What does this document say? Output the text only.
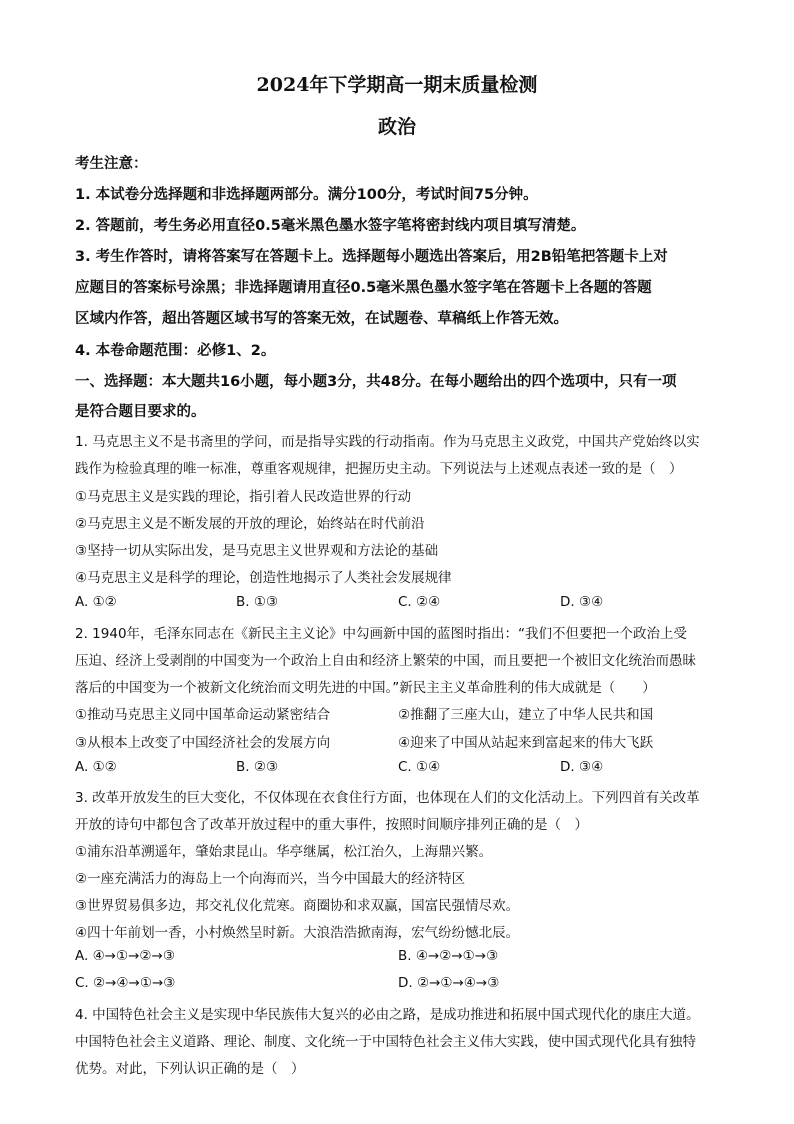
2024年下学期高一期末质量检测
政治
考生注意：
1. 本试卷分选择题和非选择题两部分。满分100分，考试时间75分钟。
2. 答题前，考生务必用直径0.5毫米黑色墨水签字笔将密封线内项目填写清楚。
3. 考生作答时，请将答案写在答题卡上。选择题每小题选出答案后，用2B铅笔把答题卡上对
应题目的答案标号涂黑；非选择题请用直径0.5毫米黑色墨水签字笔在答题卡上各题的答题
区域内作答，超出答题区域书写的答案无效，在试题卷、草稿纸上作答无效。
4. 本卷命题范围：必修1、2。
一、选择题：本大题共16小题，每小题3分，共48分。在每小题给出的四个选项中，只有一项
是符合题目要求的。
1. 马克思主义不是书斋里的学问，而是指导实践的行动指南。作为马克思主义政党，中国共产党始终以实
践作为检验真理的唯一标准，尊重客观规律，把握历史主动。下列说法与上述观点表述一致的是（　）
①马克思主义是实践的理论，指引着人民改造世界的行动
②马克思主义是不断发展的开放的理论，始终站在时代前沿
③坚持一切从实际出发，是马克思主义世界观和方法论的基础
④马克思主义是科学的理论，创造性地揭示了人类社会发展规律
A. ①②	B. ①③	C. ②④	D. ③④
2. 1940年，毛泽东同志在《新民主主义论》中勾画新中国的蓝图时指出：“我们不但要把一个政治上受
压迫、经济上受剥削的中国变为一个政治上自由和经济上繁荣的中国，而且要把一个被旧文化统治而愚昧
落后的中国变为一个被新文化统治而文明先进的中国。”新民主主义革命胜利的伟大成就是（　　）
①推动马克思主义同中国革命运动紧密结合	②推翻了三座大山，建立了中华人民共和国
③从根本上改变了中国经济社会的发展方向	④迎来了中国从站起来到富起来的伟大飞跃
A. ①②	B. ②③	C. ①④	D. ③④
3. 改革开放发生的巨大变化，不仅体现在衣食住行方面，也体现在人们的文化活动上。下列四首有关改革
开放的诗句中都包含了改革开放过程中的重大事件，按照时间顺序排列正确的是（　）
①浦东沿革溯遥年，肇始隶昆山。华亭继属，松江治久，上海鼎兴繁。
②一座充满活力的海岛上一个向海而兴，当今中国最大的经济特区
③世界贸易俱多边，邦交礼仪化荒寒。商圈协和求双赢，国富民强情尽欢。
④四十年前划一香，小村焕然呈时新。大浪浩浩掀南海，宏气纷纷憾北辰。
A. ④→①→②→③	B. ④→②→①→③
C. ②→④→①→③	D. ②→①→④→③
4. 中国特色社会主义是实现中华民族伟大复兴的必由之路，是成功推进和拓展中国式现代化的康庄大道。
中国特色社会主义道路、理论、制度、文化统一于中国特色社会主义伟大实践，使中国式现代化具有独特
优势。对此，下列认识正确的是（　）
